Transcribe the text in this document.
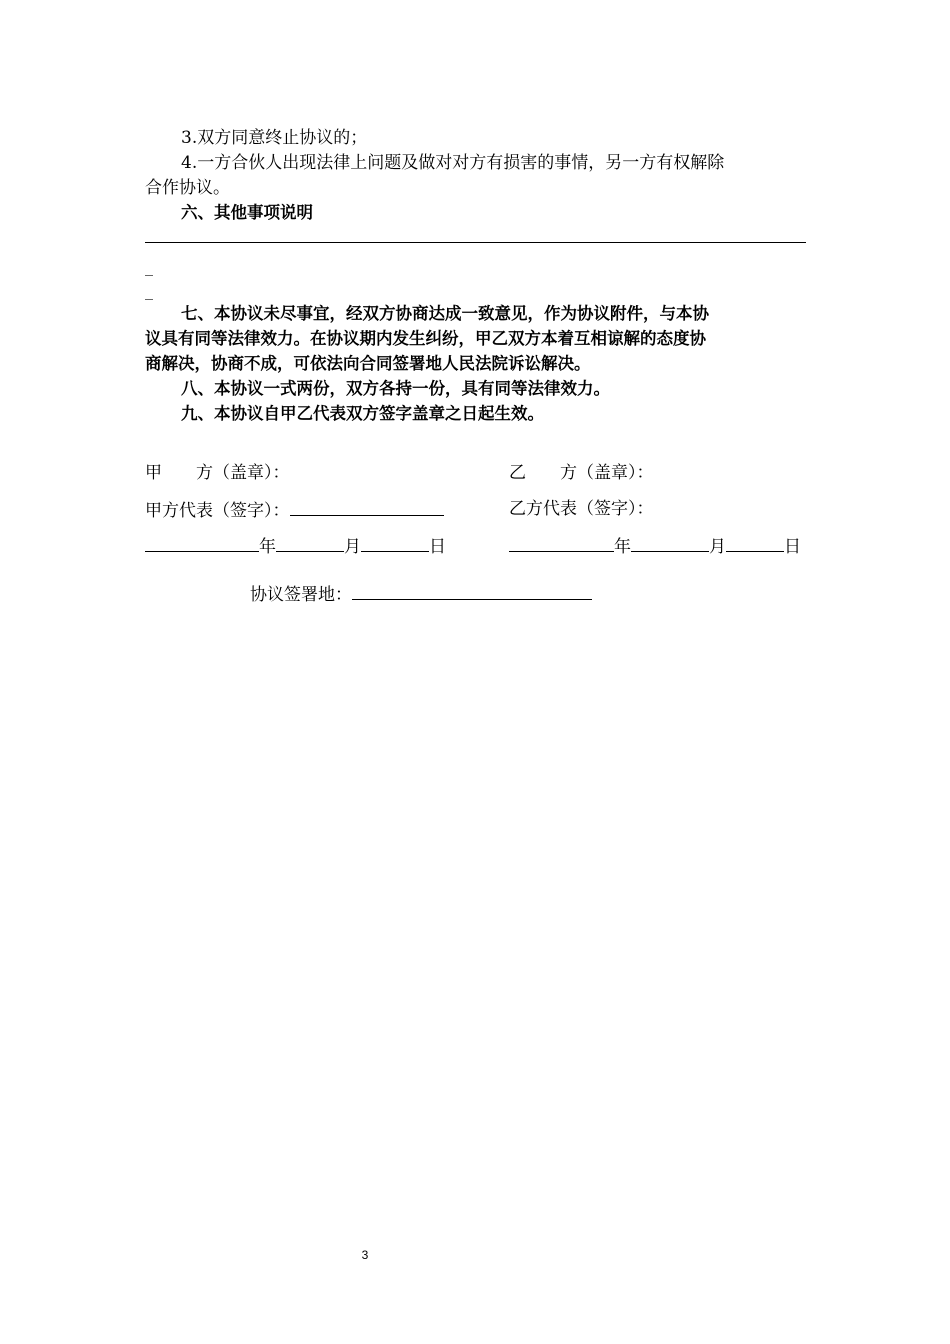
3.双方同意终止协议的；
4.一方合伙人出现法律上问题及做对对方有损害的事情，另一方有权解除
合作协议。
六、其他事项说明
_
_
七、本协议未尽事宜，经双方协商达成一致意见，作为协议附件，与本协
议具有同等法律效力。在协议期内发生纠纷，甲乙双方本着互相谅解的态度协
商解决，协商不成，可依法向合同签署地人民法院诉讼解决。
八、本协议一式两份，双方各持一份，具有同等法律效力。
九、本协议自甲乙代表双方签字盖章之日起生效。
甲　　方（盖章）：	乙　　方（盖章）：
甲方代表（签字）：	乙方代表（签字）：
年	月	日	年	月	日
协议签署地：
3
